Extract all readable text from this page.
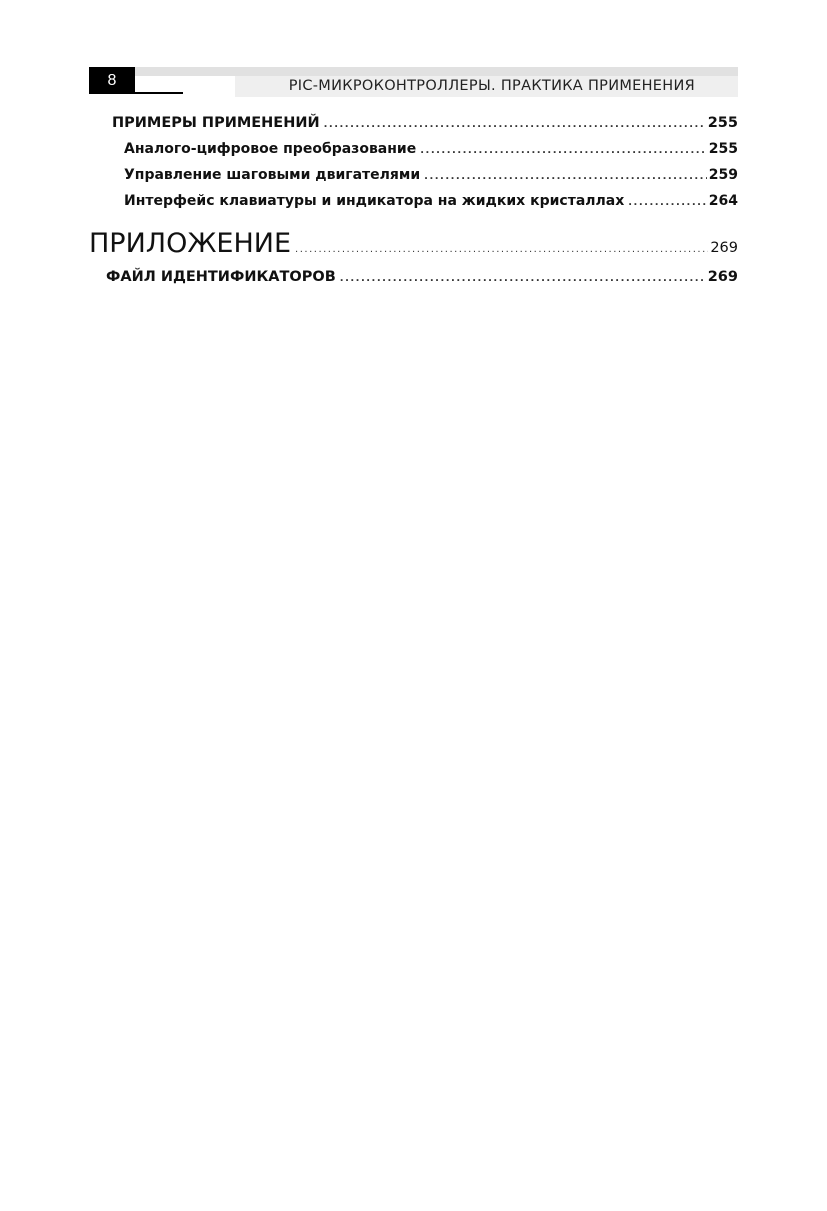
8	PIC-МИКРОКОНТРОЛЛЕРЫ. ПРАКТИКА ПРИМЕНЕНИЯ
ПРИМЕРЫ ПРИМЕНЕНИЙ .....	255
Аналого-цифровое преобразование .....	255
Управление шаговыми двигателями .....	259
Интерфейс клавиатуры и индикатора на жидких кристаллах .....	264
ПРИЛОЖЕНИЕ .....	269
ФАЙЛ ИДЕНТИФИКАТОРОВ .....	269
